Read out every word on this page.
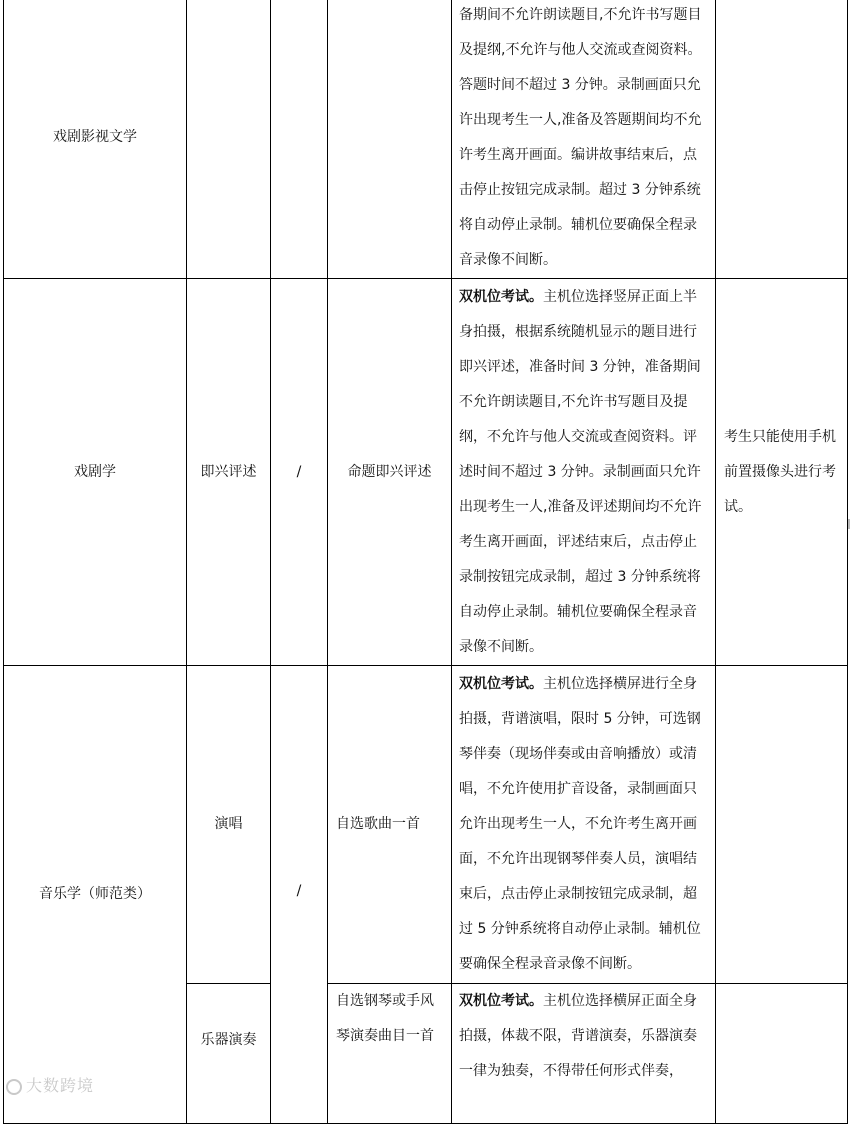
戏剧影视文学				备期间不允许朗读题目,不允许书写题目及提纲,不允许与他人交流或查阅资料。答题时间不超过 3 分钟。录制画面只允许出现考生一人,准备及答题期间均不允许考生离开画面。编讲故事结束后，点击停止按钮完成录制。超过 3 分钟系统将自动停止录制。辅机位要确保全程录音录像不间断。	
戏剧学	即兴评述	/	命题即兴评述	双机位考试。主机位选择竖屏正面上半身拍摄，根据系统随机显示的题目进行即兴评述，准备时间 3 分钟，准备期间不允许朗读题目,不允许书写题目及提纲，不允许与他人交流或查阅资料。评述时间不超过 3 分钟。录制画面只允许出现考生一人,准备及评述期间均不允许考生离开画面，评述结束后，点击停止录制按钮完成录制，超过 3 分钟系统将自动停止录制。辅机位要确保全程录音录像不间断。	考生只能使用手机前置摄像头进行考试。
音乐学（师范类）	演唱	/	自选歌曲一首	双机位考试。主机位选择横屏进行全身拍摄，背谱演唱，限时 5 分钟，可选钢琴伴奏（现场伴奏或由音响播放）或清唱，不允许使用扩音设备，录制画面只允许出现考生一人，不允许考生离开画面，不允许出现钢琴伴奏人员，演唱结束后，点击停止录制按钮完成录制，超过 5 分钟系统将自动停止录制。辅机位要确保全程录音录像不间断。	
	乐器演奏		自选钢琴或手风琴演奏曲目一首	双机位考试。主机位选择横屏正面全身拍摄，体裁不限，背谱演奏，乐器演奏一律为独奏，不得带任何形式伴奏，	
大数跨境
